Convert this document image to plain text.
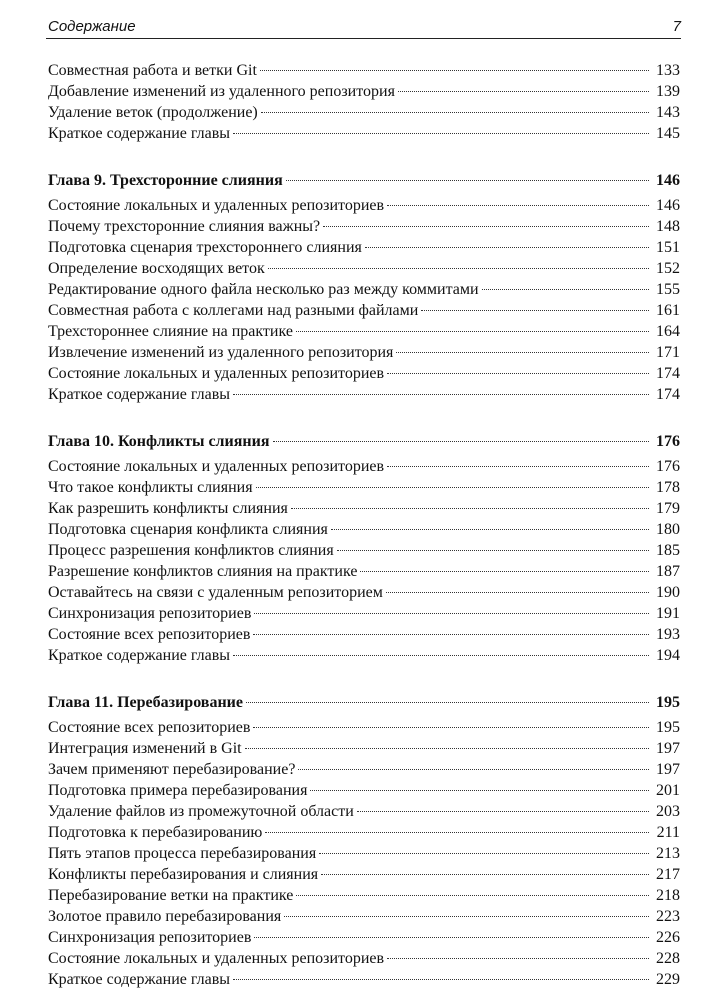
Содержание	7
Совместная работа и ветки Git	133
Добавление изменений из удаленного репозитория	139
Удаление веток (продолжение)	143
Краткое содержание главы	145
Глава 9. Трехсторонние слияния	146
Состояние локальных и удаленных репозиториев	146
Почему трехсторонние слияния важны?	148
Подготовка сценария трехстороннего слияния	151
Определение восходящих веток	152
Редактирование одного файла несколько раз между коммитами	155
Совместная работа с коллегами над разными файлами	161
Трехстороннее слияние на практике	164
Извлечение изменений из удаленного репозитория	171
Состояние локальных и удаленных репозиториев	174
Краткое содержание главы	174
Глава 10. Конфликты слияния	176
Состояние локальных и удаленных репозиториев	176
Что такое конфликты слияния	178
Как разрешить конфликты слияния	179
Подготовка сценария конфликта слияния	180
Процесс разрешения конфликтов слияния	185
Разрешение конфликтов слияния на практике	187
Оставайтесь на связи с удаленным репозиторием	190
Синхронизация репозиториев	191
Состояние всех репозиториев	193
Краткое содержание главы	194
Глава 11. Перебазирование	195
Состояние всех репозиториев	195
Интеграция изменений в Git	197
Зачем применяют перебазирование?	197
Подготовка примера перебазирования	201
Удаление файлов из промежуточной области	203
Подготовка к перебазированию	211
Пять этапов процесса перебазирования	213
Конфликты перебазирования и слияния	217
Перебазирование ветки на практике	218
Золотое правило перебазирования	223
Синхронизация репозиториев	226
Состояние локальных и удаленных репозиториев	228
Краткое содержание главы	229
